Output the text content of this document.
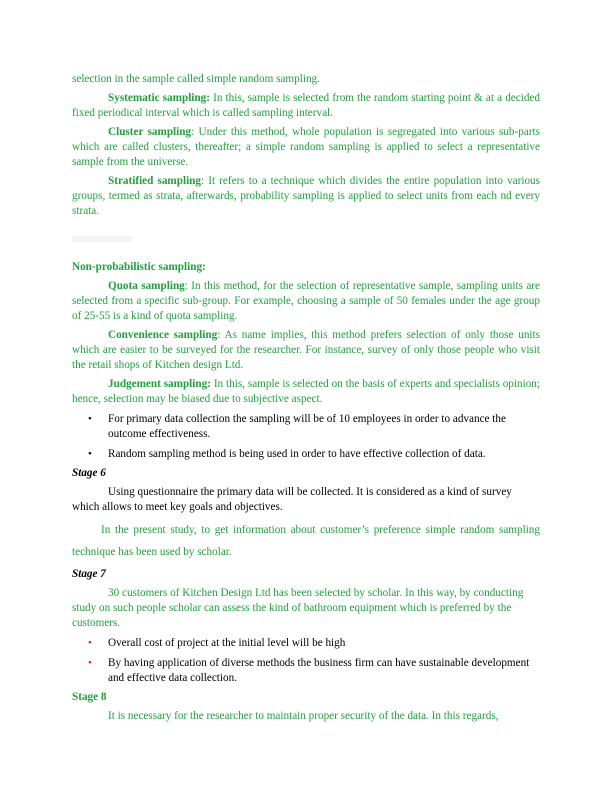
selection in the sample called simple random sampling.

Systematic sampling: In this, sample is selected from the random starting point & at a decided fixed periodical interval which is called sampling interval.

Cluster sampling: Under this method, whole population is segregated into various sub-parts which are called clusters, thereafter; a simple random sampling is applied to select a representative sample from the universe.

Stratified sampling: It refers to a technique which divides the entire population into various groups, termed as strata, afterwards, probability sampling is applied to select units from each nd every strata.

Non-probabilistic sampling:

Quota sampling: In this method, for the selection of representative sample, sampling units are selected from a specific sub-group. For example, choosing a sample of 50 females under the age group of 25-55 is a kind of quota sampling.

Convenience sampling: As name implies, this method prefers selection of only those units which are easier to be surveyed for the researcher. For instance, survey of only those people who visit the retail shops of Kitchen design Ltd.

Judgement sampling: In this, sample is selected on the basis of experts and specialists opinion; hence, selection may be biased due to subjective aspect.

• For primary data collection the sampling will be of 10 employees in order to advance the outcome effectiveness.
• Random sampling method is being used in order to have effective collection of data.

Stage 6

Using questionnaire the primary data will be collected. It is considered as a kind of survey which allows to meet key goals and objectives.

In the present study, to get information about customer’s preference simple random sampling technique has been used by scholar.

Stage 7

30 customers of Kitchen Design Ltd has been selected by scholar. In this way, by conducting study on such people scholar can assess the kind of bathroom equipment which is preferred by the customers.

• Overall cost of project at the initial level will be high
• By having application of diverse methods the business firm can have sustainable development and effective data collection.

Stage 8

It is necessary for the researcher to maintain proper security of the data. In this regards,
